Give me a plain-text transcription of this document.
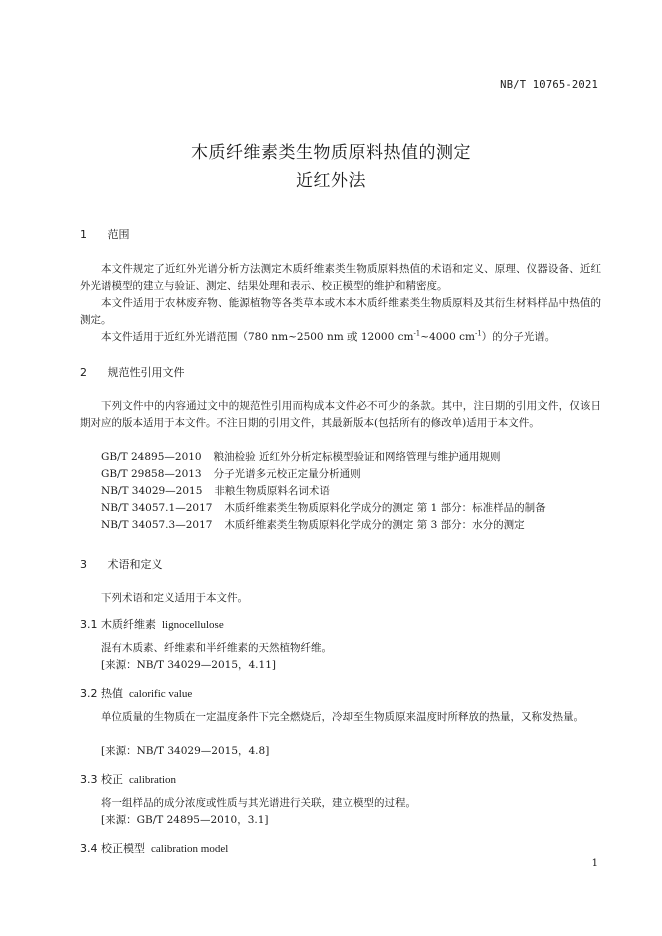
NB/T 10765-2021
木质纤维素类生物质原料热值的测定
近红外法
1 范围
本文件规定了近红外光谱分析方法测定木质纤维素类生物质原料热值的术语和定义、原理、仪器设备、近红外光谱模型的建立与验证、测定、结果处理和表示、校正模型的维护和精密度。
本文件适用于农林废弃物、能源植物等各类草本或木本木质纤维素类生物质原料及其衍生材料样品中热值的测定。
本文件适用于近红外光谱范围（780 nm~2500 nm 或 12000 $cm^{-1}\sim 4000$ $cm^{-1}$）的分子光谱。
2 规范性引用文件
下列文件中的内容通过文中的规范性引用而构成本文件必不可少的条款。其中，注日期的引用文件，仅该日期对应的版本适用于本文件。不注日期的引用文件，其最新版本(包括所有的修改单)适用于本文件。
GB/T 24895—2010 粮油检验 近红外分析定标模型验证和网络管理与维护通用规则
GB/T 29858—2013 分子光谱多元校正定量分析通则
NB/T 34029—2015 非粮生物质原料名词术语
NB/T 34057.1—2017 木质纤维素类生物质原料化学成分的测定 第 1 部分：标准样品的制备
NB/T 34057.3—2017 木质纤维素类生物质原料化学成分的测定 第 3 部分：水分的测定
3 术语和定义
下列术语和定义适用于本文件。
3.1 木质纤维素 lignocellulose
混有木质素、纤维素和半纤维素的天然植物纤维。
[来源：NB/T 34029—2015，4.11]
3.2 热值 calorific value
单位质量的生物质在一定温度条件下完全燃烧后，冷却至生物质原来温度时所释放的热量，又称发热量。
[来源：NB/T 34029—2015，4.8]
3.3 校正 calibration
将一组样品的成分浓度或性质与其光谱进行关联，建立模型的过程。
[来源：GB/T 24895—2010，3.1]
3.4 校正模型 calibration model
1
